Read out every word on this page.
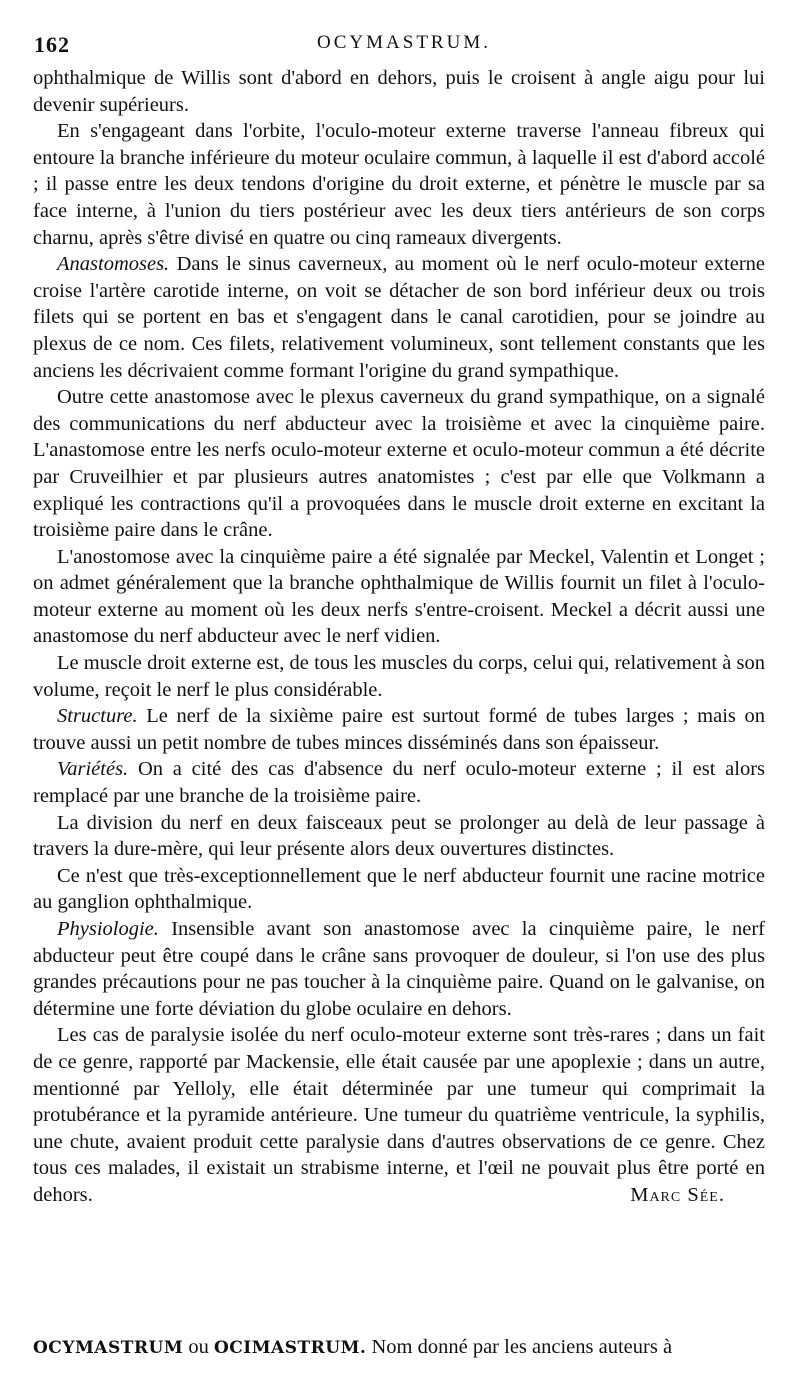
162	OCYMASTRUM.

ophthalmique de Willis sont d'abord en dehors, puis le croisent à angle aigu pour lui devenir supérieurs.

En s'engageant dans l'orbite, l'oculo-moteur externe traverse l'anneau fibreux qui entoure la branche inférieure du moteur oculaire commun, à laquelle il est d'abord accolé ; il passe entre les deux tendons d'origine du droit externe, et pénètre le muscle par sa face interne, à l'union du tiers postérieur avec les deux tiers antérieurs de son corps charnu, après s'être divisé en quatre ou cinq rameaux divergents.

Anastomoses. Dans le sinus caverneux, au moment où le nerf oculo-moteur externe croise l'artère carotide interne, on voit se détacher de son bord inférieur deux ou trois filets qui se portent en bas et s'engagent dans le canal carotidien, pour se joindre au plexus de ce nom. Ces filets, relativement volumineux, sont tellement constants que les anciens les décrivaient comme formant l'origine du grand sympathique.

Outre cette anastomose avec le plexus caverneux du grand sympathique, on a signalé des communications du nerf abducteur avec la troisième et avec la cinquième paire. L'anastomose entre les nerfs oculo-moteur externe et oculo-moteur commun a été décrite par Cruveilhier et par plusieurs autres anatomistes ; c'est par elle que Volkmann a expliqué les contractions qu'il a provoquées dans le muscle droit externe en excitant la troisième paire dans le crâne.

L'anostomose avec la cinquième paire a été signalée par Meckel, Valentin et Longet ; on admet généralement que la branche ophthalmique de Willis fournit un filet à l'oculo-moteur externe au moment où les deux nerfs s'entre-croisent. Meckel a décrit aussi une anastomose du nerf abducteur avec le nerf vidien.

Le muscle droit externe est, de tous les muscles du corps, celui qui, relativement à son volume, reçoit le nerf le plus considérable.

Structure. Le nerf de la sixième paire est surtout formé de tubes larges ; mais on trouve aussi un petit nombre de tubes minces disséminés dans son épaisseur.

Variétés. On a cité des cas d'absence du nerf oculo-moteur externe ; il est alors remplacé par une branche de la troisième paire.

La division du nerf en deux faisceaux peut se prolonger au delà de leur passage à travers la dure-mère, qui leur présente alors deux ouvertures distinctes.

Ce n'est que très-exceptionnellement que le nerf abducteur fournit une racine motrice au ganglion ophthalmique.

Physiologie. Insensible avant son anastomose avec la cinquième paire, le nerf abducteur peut être coupé dans le crâne sans provoquer de douleur, si l'on use des plus grandes précautions pour ne pas toucher à la cinquième paire. Quand on le galvanise, on détermine une forte déviation du globe oculaire en dehors.

Les cas de paralysie isolée du nerf oculo-moteur externe sont très-rares ; dans un fait de ce genre, rapporté par Mackensie, elle était causée par une apoplexie ; dans un autre, mentionné par Yelloly, elle était déterminée par une tumeur qui comprimait la protubérance et la pyramide antérieure. Une tumeur du quatrième ventricule, la syphilis, une chute, avaient produit cette paralysie dans d'autres observations de ce genre. Chez tous ces malades, il existait un strabisme interne, et l'œil ne pouvait plus être porté en dehors.	Marc Sée.

OCYMASTRUM ou OCIMASTRUM. Nom donné par les anciens auteurs à
